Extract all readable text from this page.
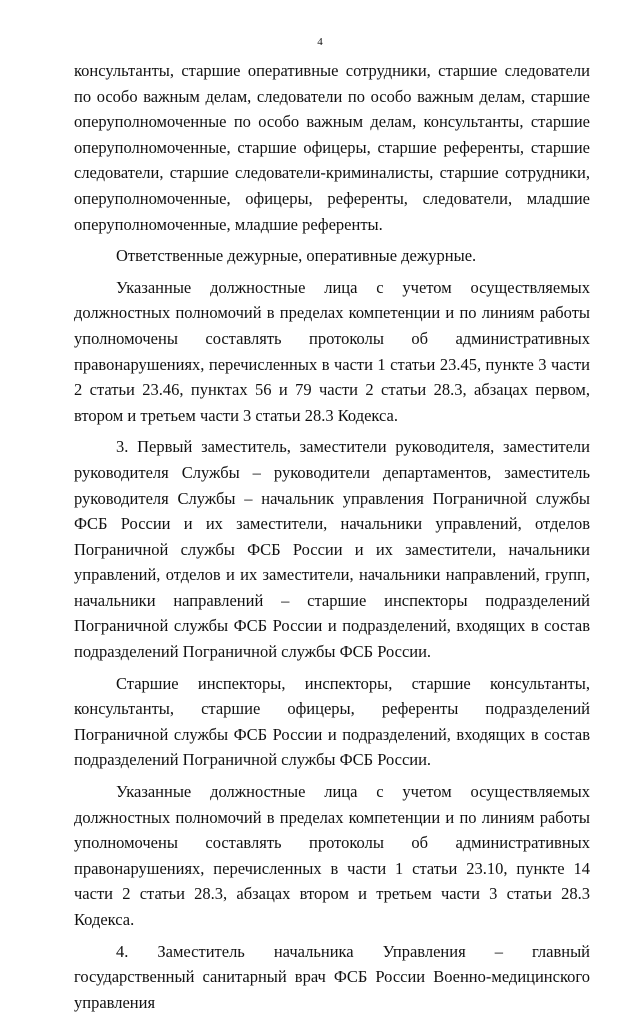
4

консультанты, старшие оперативные сотрудники, старшие следователи по особо важным делам, следователи по особо важным делам, старшие оперуполномоченные по особо важным делам, консультанты, старшие оперуполномоченные, старшие офицеры, старшие референты, старшие следователи, старшие следователи-криминалисты, старшие сотрудники, оперуполномоченные, офицеры, референты, следователи, младшие оперуполномоченные, младшие референты.

Ответственные дежурные, оперативные дежурные.

Указанные должностные лица с учетом осуществляемых должностных полномочий в пределах компетенции и по линиям работы уполномочены составлять протоколы об административных правонарушениях, перечисленных в части 1 статьи 23.45, пункте 3 части 2 статьи 23.46, пунктах 56 и 79 части 2 статьи 28.3, абзацах первом, втором и третьем части 3 статьи 28.3 Кодекса.

3. Первый заместитель, заместители руководителя, заместители руководителя Службы – руководители департаментов, заместитель руководителя Службы – начальник управления Пограничной службы ФСБ России и их заместители, начальники управлений, отделов Пограничной службы ФСБ России и их заместители, начальники управлений, отделов и их заместители, начальники направлений, групп, начальники направлений – старшие инспекторы подразделений Пограничной службы ФСБ России и подразделений, входящих в состав подразделений Пограничной службы ФСБ России.

Старшие инспекторы, инспекторы, старшие консультанты, консультанты, старшие офицеры, референты подразделений Пограничной службы ФСБ России и подразделений, входящих в состав подразделений Пограничной службы ФСБ России.

Указанные должностные лица с учетом осуществляемых должностных полномочий в пределах компетенции и по линиям работы уполномочены составлять протоколы об административных правонарушениях, перечисленных в части 1 статьи 23.10, пункте 14 части 2 статьи 28.3, абзацах втором и третьем части 3 статьи 28.3 Кодекса.

4. Заместитель начальника Управления – главный государственный санитарный врач ФСБ России Военно-медицинского управления
